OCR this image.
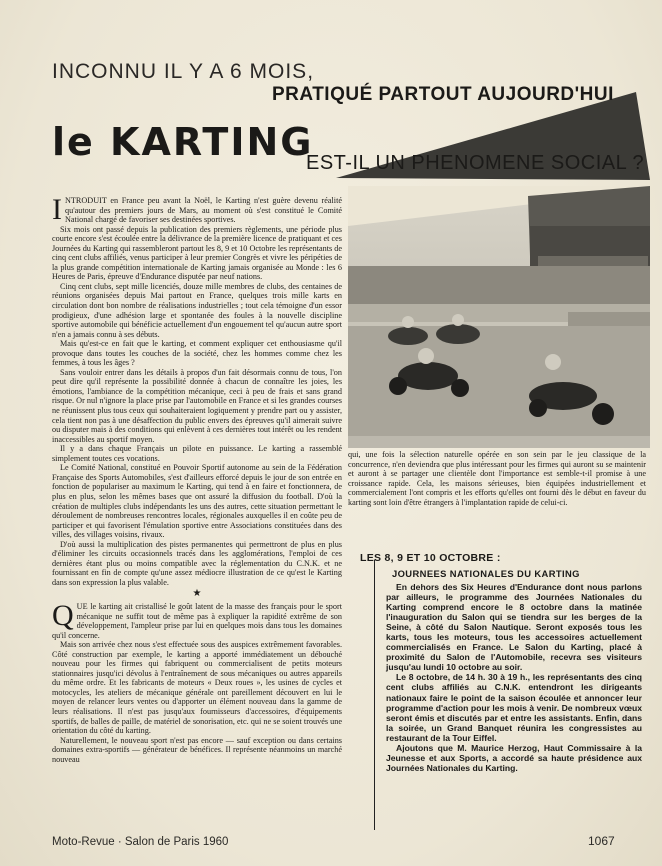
INCONNU IL Y A 6 MOIS,
PRATIQUÉ PARTOUT AUJOURD'HUI
le KARTING
EST-IL UN PHENOMENE SOCIAL ?

INTRODUIT en France peu avant la Noël, le Karting n'est guère devenu réalité qu'autour des premiers jours de Mars, au moment où s'est constitué le Comité National chargé de favoriser ses destinées sportives.

Six mois ont passé depuis la publication des premiers règlements, une période plus courte encore s'est écoulée entre la délivrance de la première licence de pratiquant et ces Journées du Karting qui rassembleront partout les 8, 9 et 10 Octobre les représentants de cinq cent clubs affiliés, venus participer à leur premier Congrès et vivre les péripéties de la plus grande compétition internationale de Karting jamais organisée au Monde : les 6 Heures de Paris, épreuve d'Endurance disputée par neuf nations.

Cinq cent clubs, sept mille licenciés, douze mille membres de clubs, des centaines de réunions organisées depuis Mai partout en France, quelques trois mille karts en circulation dont bon nombre de réalisations industrielles ; tout cela témoigne d'un essor prodigieux, d'une adhésion large et spontanée des foules à la nouvelle discipline sportive automobile qui bénéficie actuellement d'un engouement tel qu'aucun autre sport n'en a jamais connu à ses débuts.

Mais qu'est-ce en fait que le karting, et comment expliquer cet enthousiasme qu'il provoque dans toutes les couches de la société, chez les hommes comme chez les femmes, à tous les âges ?

Sans vouloir entrer dans les détails à propos d'un fait désormais connu de tous, l'on peut dire qu'il représente la possibilité donnée à chacun de connaître les joies, les émotions, l'ambiance de la compétition mécanique, ceci à peu de frais et sans grand risque. Or nul n'ignore la place prise par l'automobile en France et si les grandes courses ne réunissent plus tous ceux qui souhaiteraient logiquement y prendre part ou y assister, cela tient non pas à une désaffection du public envers des épreuves qu'il aimerait suivre ou disputer mais à des conditions qui enlèvent à ces dernières tout intérêt ou les rendent inaccessibles au sportif moyen.

Il y a dans chaque Français un pilote en puissance. Le karting a rassemblé simplement toutes ces vocations.

Le Comité National, constitué en Pouvoir Sportif autonome au sein de la Fédération Française des Sports Automobiles, s'est d'ailleurs efforcé depuis le jour de son entrée en fonction de populariser au maximum le Karting, qui tend à en faire et fonctionnera, de plus en plus, selon les mêmes bases que ont assuré la diffusion du football. D'où la création de multiples clubs indépendants les uns des autres, cette situation permettant le déroulement de nombreuses rencontres locales, régionales auxquelles il en coûte peu de participer et qui favorisent l'émulation sportive entre Associations constituées dans des villes, des villages voisins, rivaux.

D'où aussi la multiplication des pistes permanentes qui permettront de plus en plus d'éliminer les circuits occasionnels tracés dans les agglomérations, l'emploi de ces dernières étant plus ou moins compatible avec la réglementation du C.N.K. et ne fournissant en fin de compte qu'une assez médiocre illustration de ce qu'est le Karting dans son expression la plus valable.

★

QUE le karting ait cristallisé le goût latent de la masse des français pour le sport mécanique ne suffit tout de même pas à expliquer la rapidité extrême de son développement, l'ampleur prise par lui en quelques mois dans tous les domaines qu'il concerne.

Mais son arrivée chez nous s'est effectuée sous des auspices extrêmement favorables. Côté construction par exemple, le karting a apporté immédiatement un débouché nouveau pour les firmes qui fabriquent ou commercialisent de petits moteurs stationnaires jusqu'ici dévolus à l'entraînement de sous mécaniques ou autres appareils du même ordre. Et les fabricants de moteurs « Deux roues », les usines de cycles et motocycles, les ateliers de mécanique générale ont pareillement découvert en lui le moyen de relancer leurs ventes ou d'apporter un élément nouveau dans la gamme de leurs réalisations. Il n'est pas jusqu'aux fournisseurs d'accessoires, d'équipements sportifs, de balles de paille, de matériel de sonorisation, etc. qui ne se soient trouvés une orientation du côté du karting.

Naturellement, le nouveau sport n'est pas encore — sauf exception ou dans certains domaines extra-sportifs — générateur de bénéfices. Il représente néanmoins un marché nouveau

qui, une fois la sélection naturelle opérée en son sein par le jeu classique de la concurrence, n'en deviendra que plus intéressant pour les firmes qui auront su se maintenir et auront à se partager une clientèle dont l'importance est semble-t-il promise à une croissance rapide. Cela, les maisons sérieuses, bien équipées industriellement et commercialement l'ont compris et les efforts qu'elles ont fourni dès le début en faveur du karting sont loin d'être étrangers à l'implantation rapide de celui-ci.

LES 8, 9 ET 10 OCTOBRE :
JOURNEES NATIONALES DU KARTING

En dehors des Six Heures d'Endurance dont nous parlons par ailleurs, le programme des Journées Nationales du Karting comprend encore le 8 octobre dans la matinée l'inauguration du Salon qui se tiendra sur les berges de la Seine, à côté du Salon Nautique. Seront exposés tous les karts, tous les moteurs, tous les accessoires actuellement commercialisés en France. Le Salon du Karting, placé à proximité du Salon de l'Automobile, recevra ses visiteurs jusqu'au lundi 10 octobre au soir.

Le 8 octobre, de 14 h. 30 à 19 h., les représentants des cinq cent clubs affiliés au C.N.K. entendront les dirigeants nationaux faire le point de la saison écoulée et annoncer leur programme d'action pour les mois à venir. De nombreux vœux seront émis et discutés par et entre les assistants. Enfin, dans la soirée, un Grand Banquet réunira les congressistes au restaurant de la Tour Eiffel.

Ajoutons que M. Maurice Herzog, Haut Commissaire à la Jeunesse et aux Sports, a accordé sa haute présidence aux Journées Nationales du Karting.

Moto-Revue · Salon de Paris 1960	1067
